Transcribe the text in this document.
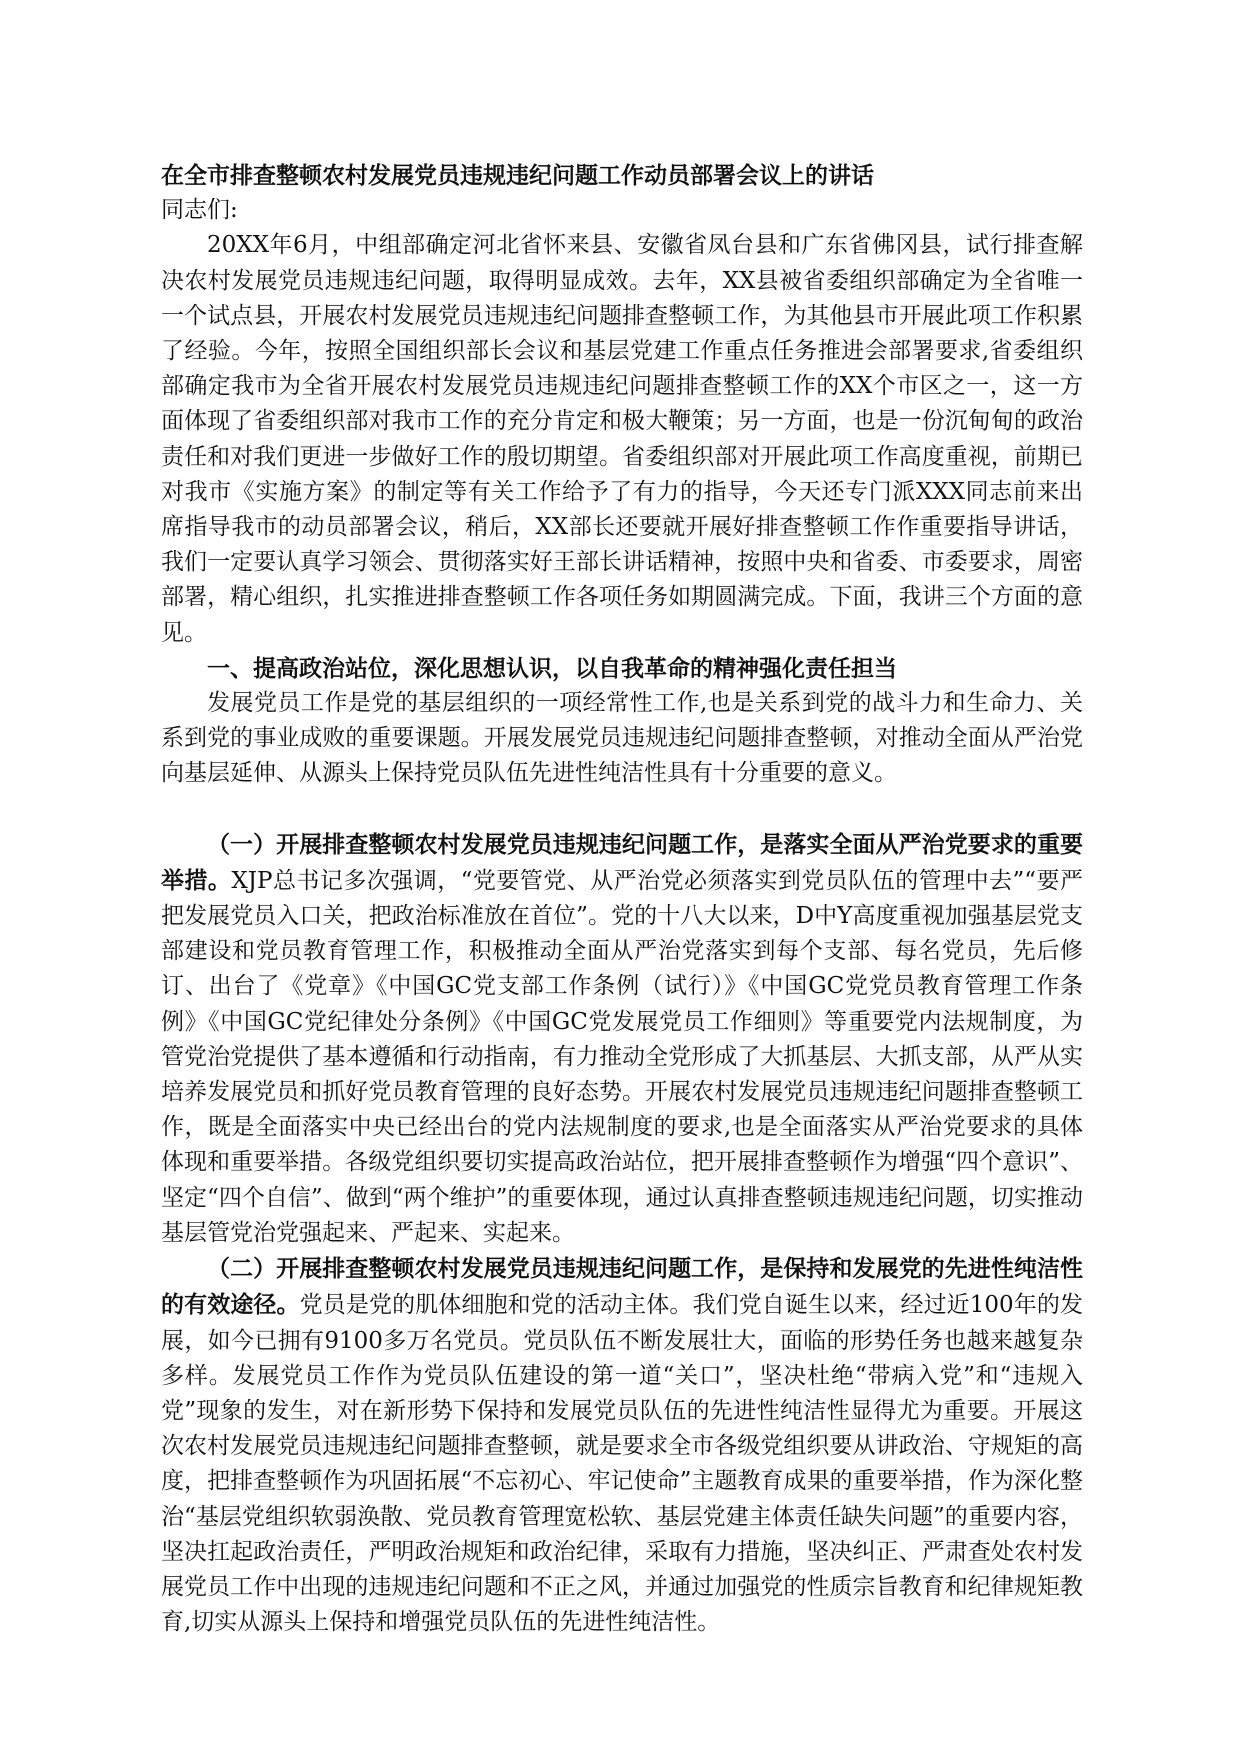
在全市排查整顿农村发展党员违规违纪问题工作动员部署会议上的讲话

同志们:

20XX年6月，中组部确定河北省怀来县、安徽省凤台县和广东省佛冈县，试行排查解决农村发展党员违规违纪问题，取得明显成效。去年，XX县被省委组织部确定为全省唯一一个试点县，开展农村发展党员违规违纪问题排查整顿工作，为其他县市开展此项工作积累了经验。今年，按照全国组织部长会议和基层党建工作重点任务推进会部署要求,省委组织部确定我市为全省开展农村发展党员违规违纪问题排查整顿工作的XX个市区之一，这一方面体现了省委组织部对我市工作的充分肯定和极大鞭策；另一方面，也是一份沉甸甸的政治责任和对我们更进一步做好工作的殷切期望。省委组织部对开展此项工作高度重视，前期已对我市《实施方案》的制定等有关工作给予了有力的指导，今天还专门派XXX同志前来出席指导我市的动员部署会议，稍后，XX部长还要就开展好排查整顿工作作重要指导讲话，我们一定要认真学习领会、贯彻落实好王部长讲话精神，按照中央和省委、市委要求，周密部署，精心组织，扎实推进排查整顿工作各项任务如期圆满完成。下面，我讲三个方面的意见。

一、提高政治站位，深化思想认识，以自我革命的精神强化责任担当

发展党员工作是党的基层组织的一项经常性工作,也是关系到党的战斗力和生命力、关系到党的事业成败的重要课题。开展发展党员违规违纪问题排查整顿，对推动全面从严治党向基层延伸、从源头上保持党员队伍先进性纯洁性具有十分重要的意义。

（一）开展排查整顿农村发展党员违规违纪问题工作，是落实全面从严治党要求的重要举措。XJP总书记多次强调，“党要管党、从严治党必须落实到党员队伍的管理中去”“要严把发展党员入口关，把政治标准放在首位”。党的十八大以来，D中Y高度重视加强基层党支部建设和党员教育管理工作，积极推动全面从严治党落实到每个支部、每名党员，先后修订、出台了《党章》《中国GC党支部工作条例（试行）》《中国GC党党员教育管理工作条例》《中国GC党纪律处分条例》《中国GC党发展党员工作细则》等重要党内法规制度，为管党治党提供了基本遵循和行动指南，有力推动全党形成了大抓基层、大抓支部，从严从实培养发展党员和抓好党员教育管理的良好态势。开展农村发展党员违规违纪问题排查整顿工作，既是全面落实中央已经出台的党内法规制度的要求,也是全面落实从严治党要求的具体体现和重要举措。各级党组织要切实提高政治站位，把开展排查整顿作为增强“四个意识”、坚定“四个自信”、做到“两个维护”的重要体现，通过认真排查整顿违规违纪问题，切实推动基层管党治党强起来、严起来、实起来。

（二）开展排查整顿农村发展党员违规违纪问题工作，是保持和发展党的先进性纯洁性的有效途径。党员是党的肌体细胞和党的活动主体。我们党自诞生以来，经过近100年的发展，如今已拥有9100多万名党员。党员队伍不断发展壮大，面临的形势任务也越来越复杂多样。发展党员工作作为党员队伍建设的第一道“关口”，坚决杜绝“带病入党”和“违规入党”现象的发生，对在新形势下保持和发展党员队伍的先进性纯洁性显得尤为重要。开展这次农村发展党员违规违纪问题排查整顿，就是要求全市各级党组织要从讲政治、守规矩的高度，把排查整顿作为巩固拓展“不忘初心、牢记使命”主题教育成果的重要举措，作为深化整治“基层党组织软弱涣散、党员教育管理宽松软、基层党建主体责任缺失问题”的重要内容，坚决扛起政治责任，严明政治规矩和政治纪律，采取有力措施，坚决纠正、严肃查处农村发展党员工作中出现的违规违纪问题和不正之风，并通过加强党的性质宗旨教育和纪律规矩教育,切实从源头上保持和增强党员队伍的先进性纯洁性。
